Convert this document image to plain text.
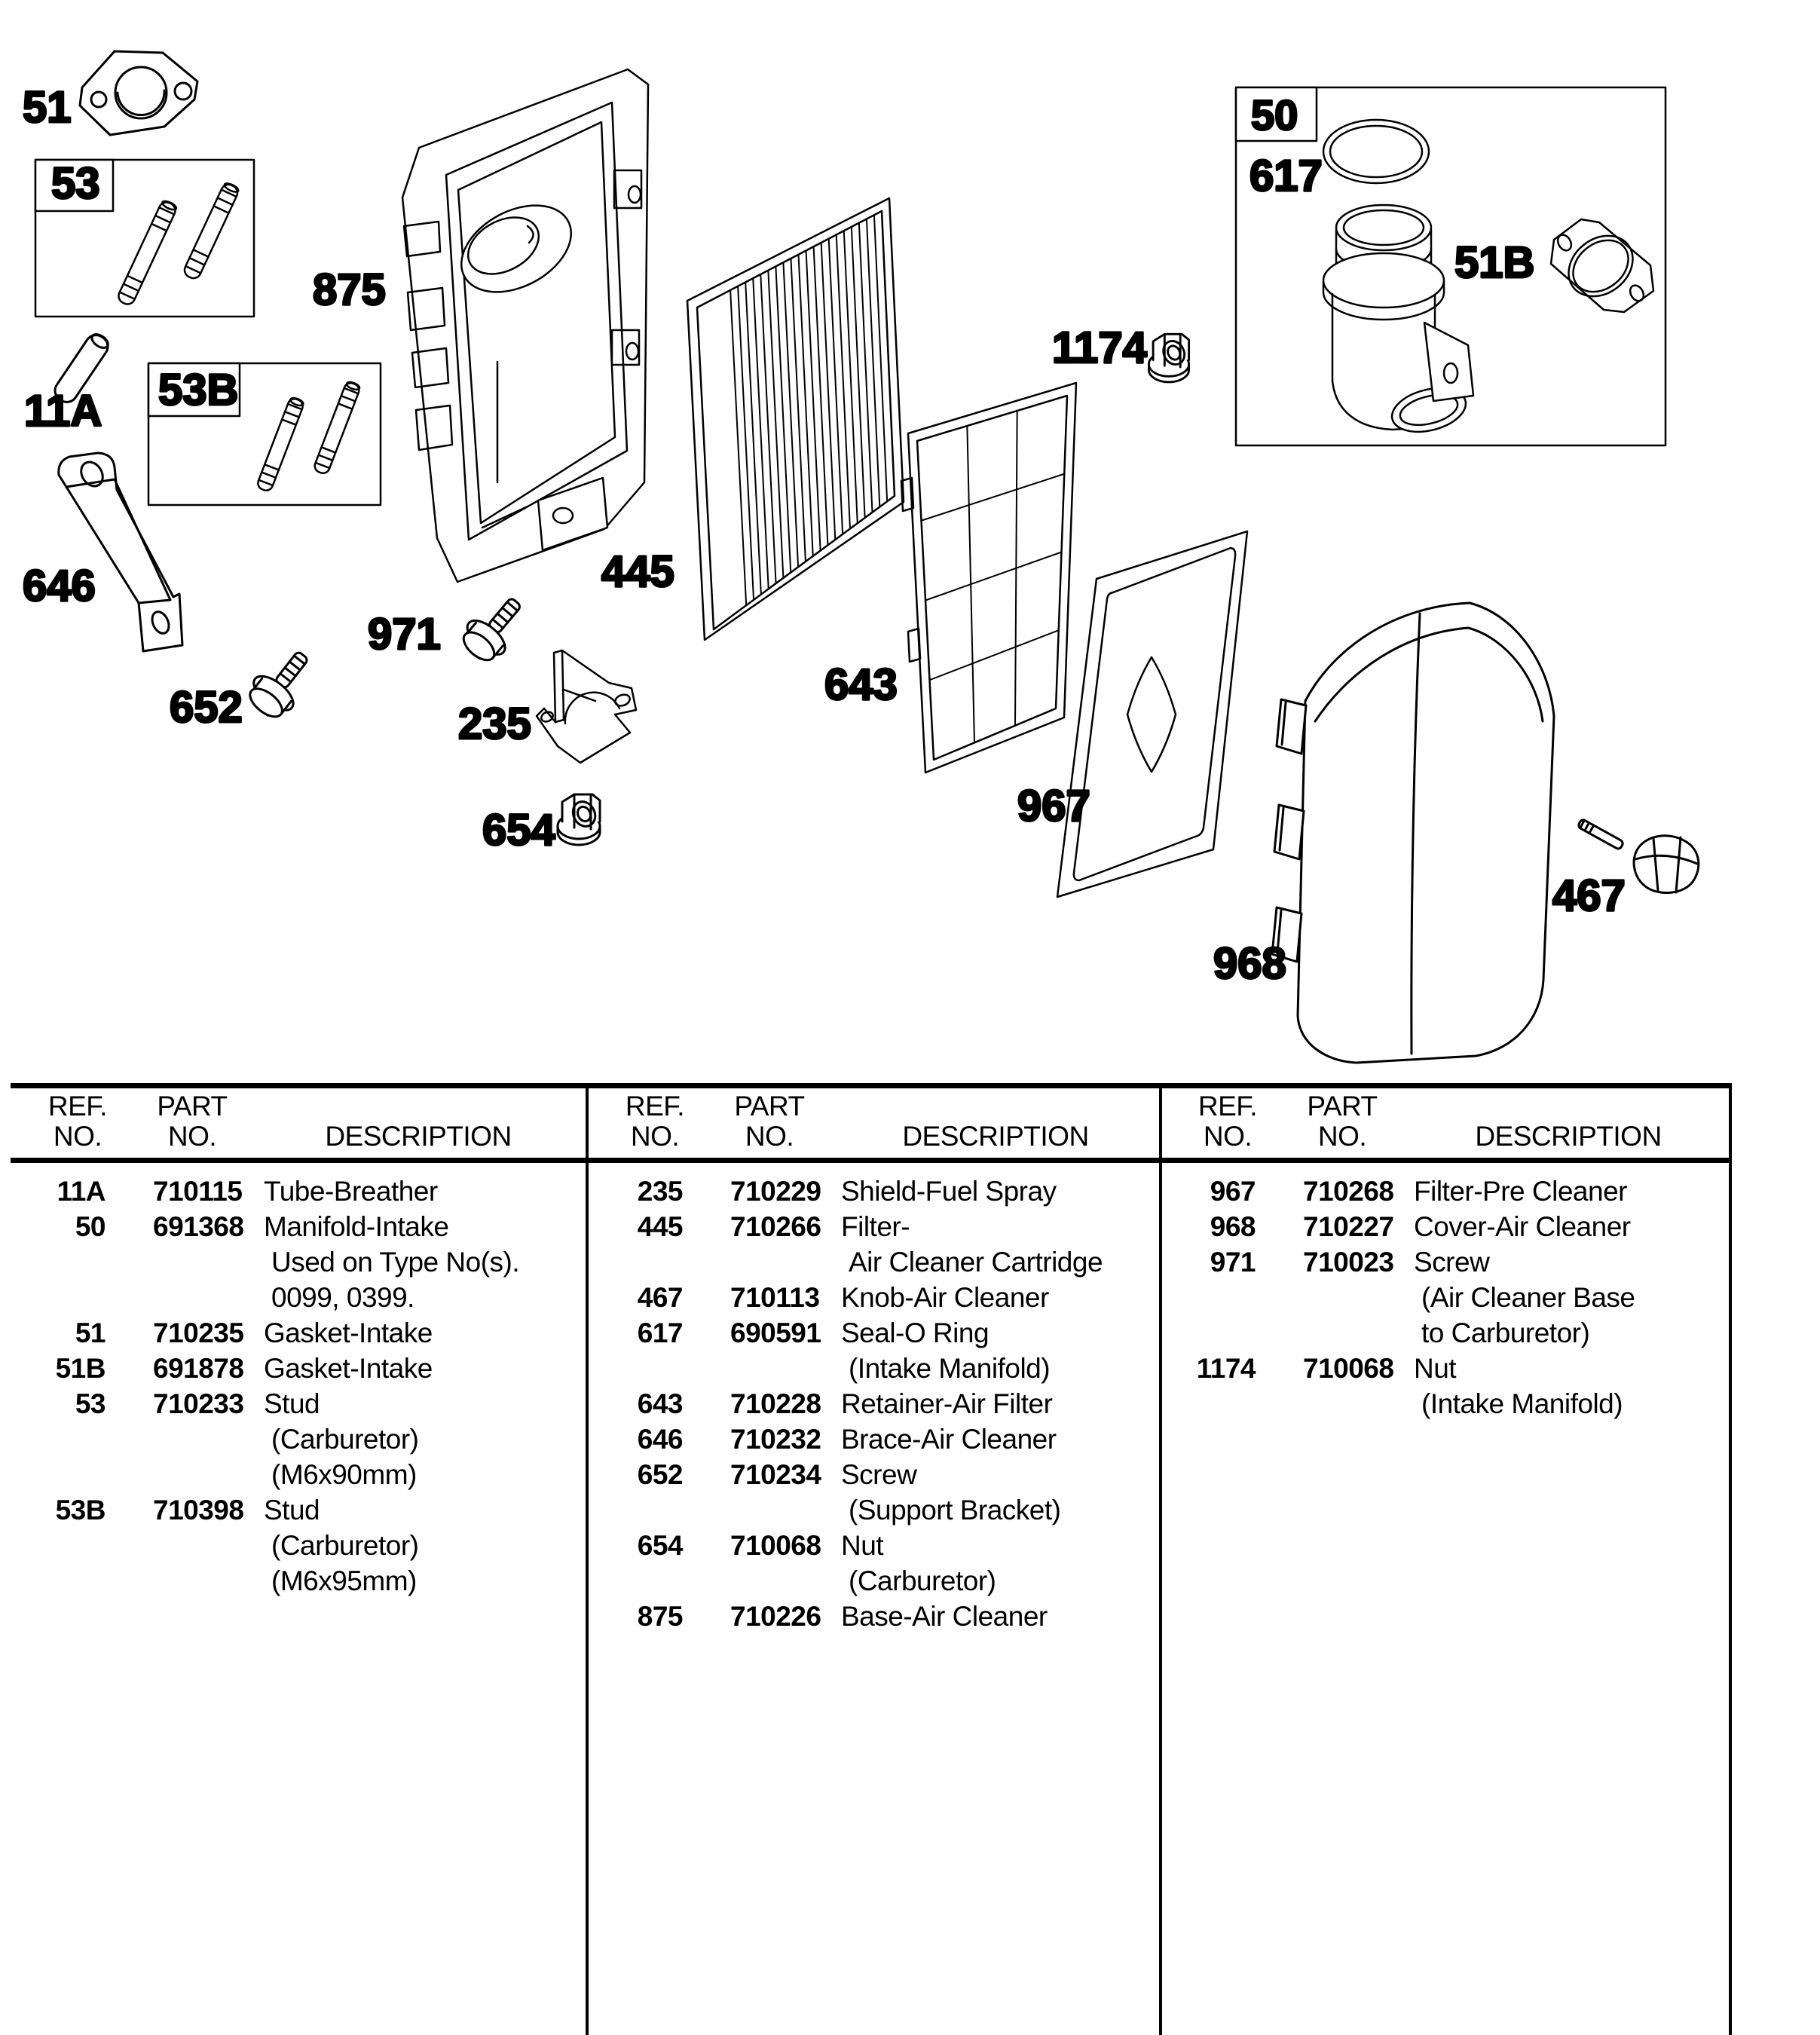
51
53
875
11A 53B
646
652
971
235
654
445
643
967
968
1174
467
50
617
51B
REF.
NO.
PART
NO.	DESCRIPTION
REF.
NO.
PART
NO.	DESCRIPTION
REF.
NO.
PART
NO.	DESCRIPTION
11A 710115 Tube-Breather
50 691368 Manifold-Intake
Used on Type No(s).
0099, 0399.
51 710235 Gasket-Intake
51B 691878 Gasket-Intake
53 710233 Stud
(Carburetor)
(M6x90mm)
53B 710398 Stud
(Carburetor)
(M6x95mm)
235 710229 Shield-Fuel Spray
445 710266 Filter-
Air Cleaner Cartridge
467 710113 Knob-Air Cleaner
617 690591 Seal-O Ring
(Intake Manifold)
643 710228 Retainer-Air Filter
646 710232 Brace-Air Cleaner
652 710234 Screw
(Support Bracket)
654 710068 Nut
(Carburetor)
875 710226 Base-Air Cleaner
967 710268 Filter-Pre Cleaner
968 710227 Cover-Air Cleaner
971 710023 Screw
(Air Cleaner Base
to Carburetor)
1174 710068 Nut
(Intake Manifold)
